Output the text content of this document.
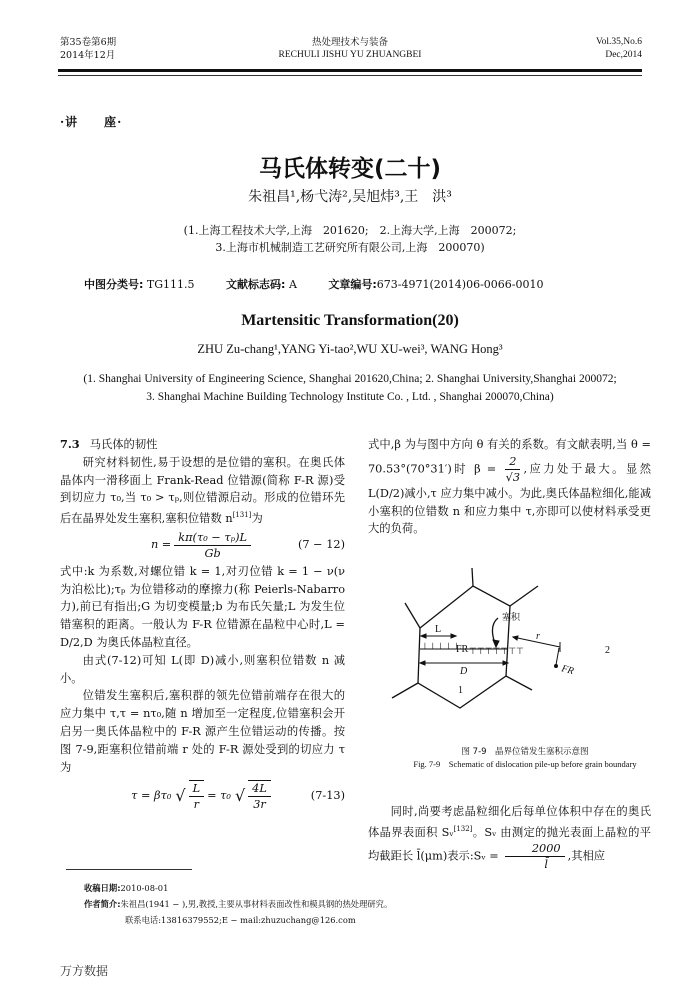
第35卷第6期
2014年12月
热处理技术与装备
RECHULI JISHU YU ZHUANGBEI
Vol.35,No.6
Dec,2014
·讲　　座·
马氏体转变(二十)
朱祖昌¹,杨弋涛²,吴旭炜³,王　洪³
(1.上海工程技术大学,上海　201620;　2.上海大学,上海　200072;
3.上海市机械制造工艺研究所有限公司,上海　200070)
中图分类号: TG111.5	文献标志码: A	文章编号:673-4971(2014)06-0066-0010
Martensitic Transformation(20)
ZHU Zu-chang¹,YANG Yi-tao²,WU XU-wei³, WANG Hong³
(1. Shanghai University of Engineering Science, Shanghai 201620,China; 2. Shanghai University,Shanghai 200072;
3. Shanghai Machine Building Technology Institute Co. , Ltd. , Shanghai 200070,China)

7.3 马氏体的韧性

研究材料韧性,易于设想的是位错的塞积。在奥氏体晶体内一滑移面上 Frank-Read 位错源(简称 F-R 源)受到切应力 τ₀,当 τ₀ > τₚ,则位错源启动。形成的位错环先后在晶界处发生塞积,塞积位错数 n[131]为

$n = \frac{\text{kπ(τ₀ − τₚ)L}}{Gb}$	(7 − 12)

式中:k 为系数,对螺位错 k = 1,对刃位错 k = 1 − ν(ν 为泊松比);τₚ 为位错移动的摩擦力(称 Peierls-Nabarro 力),前已有指出;G 为切变模量;b 为布氏矢量;L 为发生位错塞积的距离。一般认为 F-R 位错源在晶粒中心时,L = D/2,D 为奥氏体晶粒直径。

由式(7-12)可知 L(即 D)减小,则塞积位错数 n 减小。

位错发生塞积后,塞积群的领先位错前端存在很大的应力集中 τ,τ = nτ₀,随 n 增加至一定程度,位错塞积会开启另一奥氏体晶粒中的 F-R 源产生位错运动的传播。按图 7-9,距塞积位错前端 r 处的 F-R 源处受到的切应力 τ 为

τ = βτ₀ √ $\frac{L}{r} = \tau_0$ √ $\frac{4L}{3r}$	(7-13)

式中,β 为与图中方向 θ 有关的系数。有文献表明,当 θ = 70.53°(70°31′)时 $\beta = \frac{2}{√3}$ ,应力处于最大。显然 L(D/2)减小,τ 应力集中减小。为此,奥氏体晶粒细化,能减小塞积的位错数 n 和应力集中 τ,亦即可以使材料承受更大的负荷。

⊥⊥⊥⊥⊥ ⊤⊤⊤⊤⊤⊤⊤
L
FR
D
1
2
r
FR
塞积
图 7-9　晶界位错发生塞积示意图
Fig. 7-9　Schematic of dislocation pile-up before grain boundary

同时,尚要考虑晶粒细化后每单位体积中存在的奥氏体晶界表面积 Sᵥ[132]。Sᵥ 由测定的抛光表面上晶粒的平均截距长 l̄(μm)表示:Sᵥ = $\frac{2000}{l̄}$ ,其相应

收稿日期:2010-08-01
作者简介:朱祖昌(1941 − ),男,教授,主要从事材料表面改性和模具钢的热处理研究。
联系电话:13816379552;E − mail:zhuzuchang@126.com
万方数据
